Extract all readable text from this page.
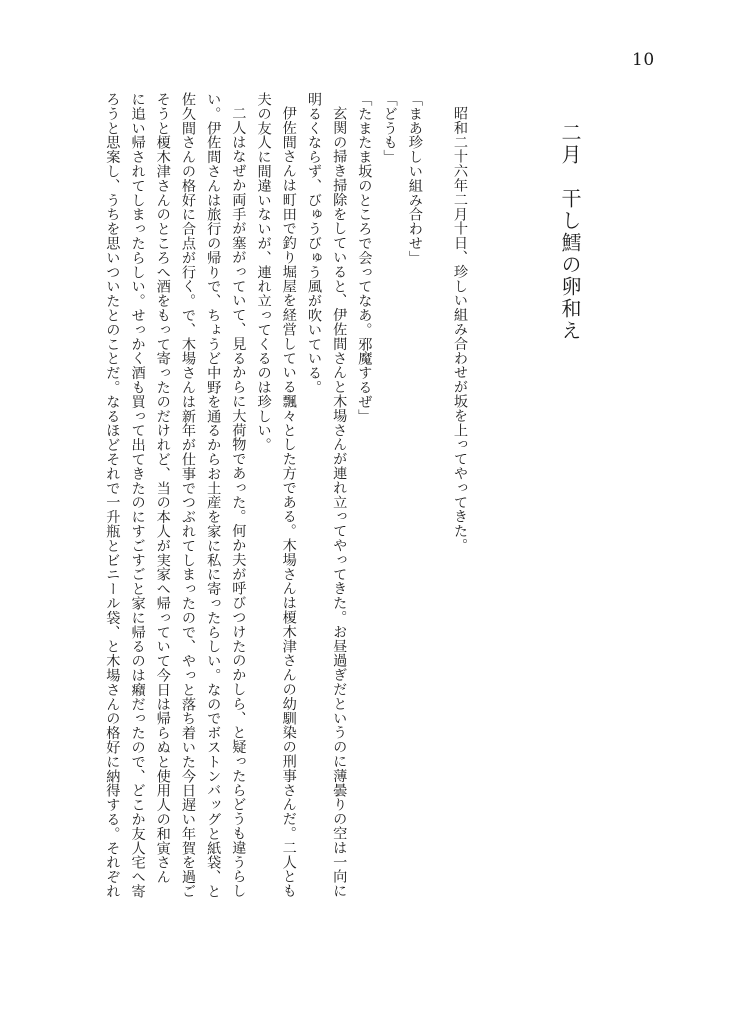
10
二月　干し鱈の卵和え
昭和二十六年二月十日、珍しい組み合わせが坂を上ってやってきた。
「まあ珍しい組み合わせ」
「どうも」
「たまたま坂のところで会ってなあ。邪魔するぜ」
玄関の掃き掃除をしていると、伊佐間さんと木場さんが連れ立ってやってきた。お昼過ぎだというのに薄曇りの空は一向に
明るくならず、びゅうびゅう風が吹いている。
伊佐間さんは町田で釣り堀屋を経営している飄々とした方である。木場さんは榎木津さんの幼馴染の刑事さんだ。二人とも
夫の友人に間違いないが、連れ立ってくるのは珍しい。
二人はなぜか両手が塞がっていて、見るからに大荷物であった。何か夫が呼びつけたのかしら、と疑ったらどうも違うらし
い。伊佐間さんは旅行の帰りで、ちょうど中野を通るからお土産を家に私に寄ったらしい。なのでボストンバッグと紙袋、と
佐久間さんの格好に合点が行く。で、木場さんは新年が仕事でつぶれてしまったので、やっと落ち着いた今日遅い年賀を過ご
そうと榎木津さんのところへ酒をもって寄ったのだけれど、当の本人が実家へ帰っていて今日は帰らぬと使用人の和寅さん
に追い帰されてしまったらしい。せっかく酒も買って出てきたのにすごすごと家に帰るのは癪だったので、どこか友人宅へ寄
ろうと思案し、うちを思いついたとのことだ。なるほどそれで一升瓶とビニール袋、と木場さんの格好に納得する。それぞれ
